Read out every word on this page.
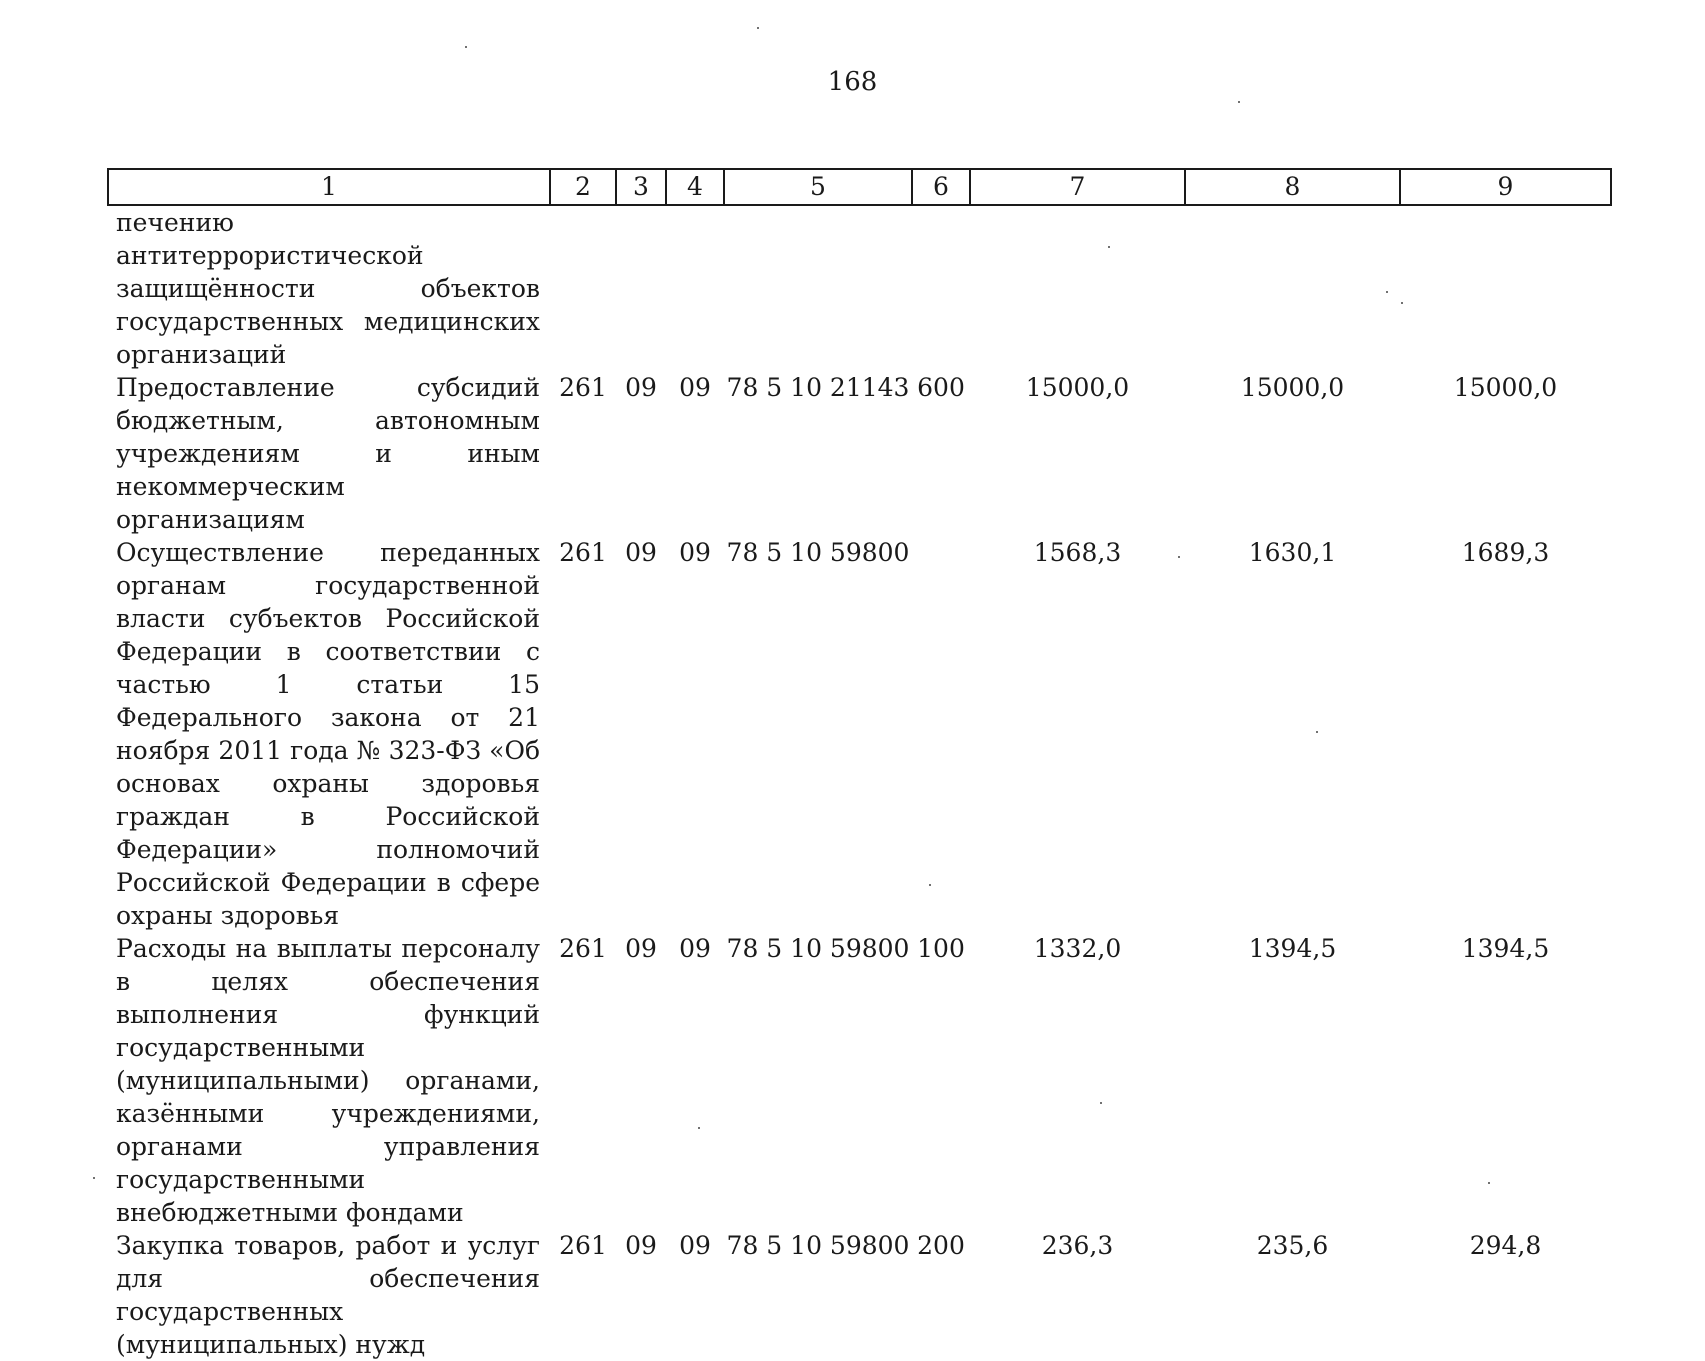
168
1	2	3	4	5	6	7	8	9
печению антитеррористической защищённости объектов государственных медицинских организаций								
Предоставление субсидий бюджетным, автономным учреждениям и иным некоммерческим организациям	261	09	09	78 5 10 21143	600	15000,0	15000,0	15000,0
Осуществление переданных органам государственной власти субъектов Российской Федерации в соответствии с частью 1 статьи 15 Федерального закона от 21 ноября 2011 года № 323-ФЗ «Об основах охраны здоровья граждан в Российской Федерации» полномочий Российской Федерации в сфере охраны здоровья	261	09	09	78 5 10 59800		1568,3	1630,1	1689,3
Расходы на выплаты персоналу в целях обеспечения выполнения функций государственными (муниципальными) органами, казёнными учреждениями, органами управления государственными внебюджетными фондами	261	09	09	78 5 10 59800	100	1332,0	1394,5	1394,5
Закупка товаров, работ и услуг для обеспечения государственных (муниципальных) нужд	261	09	09	78 5 10 59800	200	236,3	235,6	294,8
